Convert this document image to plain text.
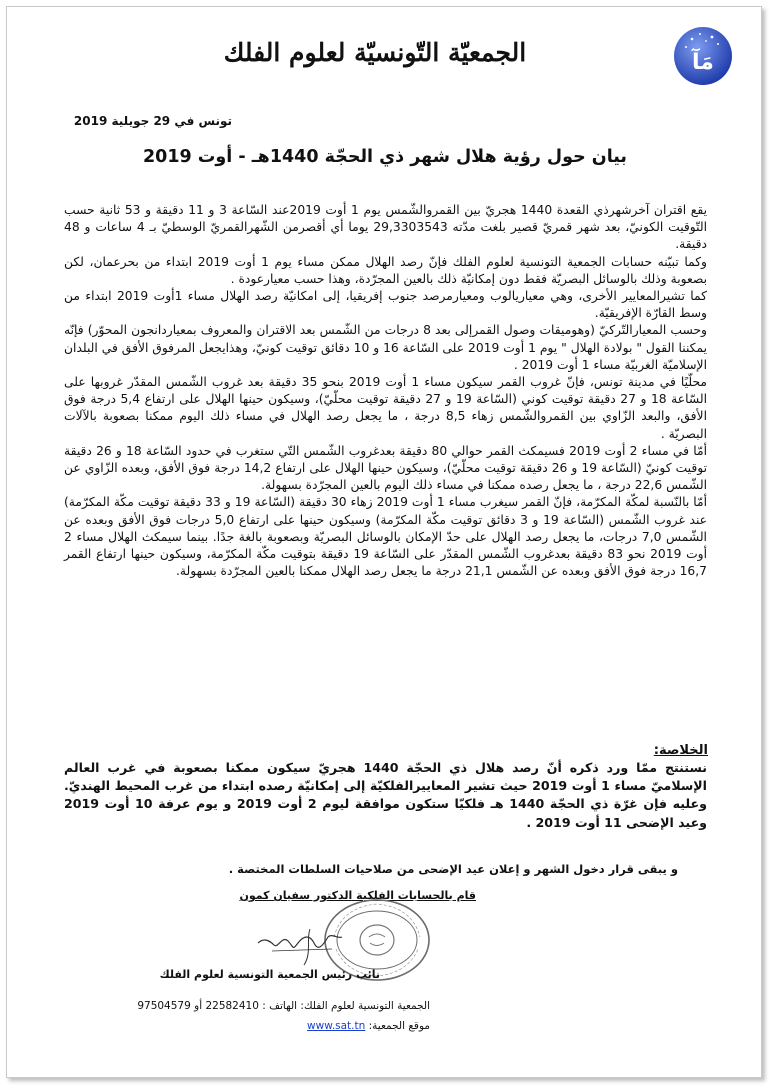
ﻣَﺂ
الجمعيّة التّونسيّة لعلوم الفلك
تونس في 29 جويلية 2019
بيان حول رؤية هلال شهر ذي الحجّة 1440هـ - أوت 2019

يقع اقتران آخرشهرذي القعدة 1440 هجريّ بين القمروالشّمس يوم 1 أوت 2019عند السّاعة 3 و 11 دقيقة و 53 ثانية حسب التّوقيت الكونيّ، بعد شهر قمريّ قصير بلغت مدّته 29,3303543 يوما أي أقصرمن الشّهرالقمريّ الوسطيّ بـ 4 ساعات و 48 دقيقة.

وكما تبيّنه حسابات الجمعية التونسية لعلوم الفلك فإنّ رصد الهلال ممكن مساء يوم 1 أوت 2019 ابتداء من بحرعمان، لكن بصعوبة وذلك بالوسائل البصريّة فقط دون إمكانيّة ذلك بالعين المجرّدة، وهذا حسب معيارعودة .

كما تشيرالمعايير الأخرى، وهي معياريالوب ومعيارمرصد جنوب إفريقيا، إلى امكانيّة رصد الهلال مساء 1أوت 2019 ابتداء من وسط القارّة الإفريقيّة.

وحسب المعيارالتّركيّ (وهوميقات وصول القمرإلى بعد 8 درجات من الشّمس بعد الاقتران والمعروف بمعياردانجون المحوّر) فإنّه يمكننا القول " بولادة الهلال " يوم 1 أوت 2019 على السّاعة 16 و 10 دقائق توقيت كونيّ، وهذايجعل المرفوق الأفق في البلدان الإسلاميّة الغربيّة مساء 1 أوت 2019 .

محلّيًا في مدينة تونس، فإنّ غروب القمر سيكون مساء 1 أوت 2019 بنحو 35 دقيقة بعد غروب الشّمس المقدّر غروبها على السّاعة 18 و 27 دقيقة توقيت كوني (السّاعة 19 و 27 دقيقة توقيت محلّيّ)، وسيكون حينها الهلال على ارتفاع 5,4 درجة فوق الأفق، والبعد الزّاوي بين القمروالشّمس زهاء 8,5 درجة ، ما يجعل رصد الهلال في مساء ذلك اليوم ممكنا بصعوبة بالآلات البصريّة .

أمّا في مساء 2 أوت 2019 فسيمكث القمر حوالي 80 دقيقة بعدغروب الشّمس التّي ستغرب في حدود السّاعة 18 و 26 دقيقة توقيت كونيّ (السّاعة 19 و 26 دقيقة توقيت محلّيّ)، وسيكون حينها الهلال على ارتفاع 14,2 درجة فوق الأفق، وبعده الزّاوي عن الشّمس 22,6 درجة ، ما يجعل رصده ممكنا في مساء ذلك اليوم بالعين المجرّدة بسهولة.

أمّا بالنّسبة لمكّة المكرّمة، فإنّ القمر سيغرب مساء 1 أوت 2019 زهاء 30 دقيقة (السّاعة 19 و 33 دقيقة توقيت مكّة المكرّمة) عند غروب الشّمس (السّاعة 19 و 3 دقائق توقيت مكّة المكرّمة) وسيكون حينها على ارتفاع 5,0 درجات فوق الأفق وبعده عن الشّمس 7,0 درجات، ما يجعل رصد الهلال على حدّ الإمكان بالوسائل البصريّة وبصعوبة بالغة جدًا. بينما سيمكث الهلال مساء 2 أوت 2019 نحو 83 دقيقة بعدغروب الشّمس المقدّر على السّاعة 19 دقيقة بتوقيت مكّة المكرّمة، وسيكون حينها ارتفاع القمر 16,7 درجة فوق الأفق وبعده عن الشّمس 21,1 درجة ما يجعل رصد الهلال ممكنا بالعين المجرّدة بسهولة.

الخلاصة:
نستنتج ممّا ورد ذكره أنّ رصد هلال ذي الحجّة 1440 هجريّ سيكون ممكنا بصعوبة في غرب العالم الإسلاميّ مساء 1 أوت 2019 حيث تشير المعاييرالفلكيّة إلى إمكانيّة رصده ابتداء من غرب المحيط الهنديّ. وعليه فإن غرّة ذي الحجّة 1440 هـ فلكيّا ستكون موافقة ليوم 2 أوت 2019 و يوم عرفة 10 أوت 2019 وعيد الإضحى 11 أوت 2019 .
و يبقى قرار دخول الشهر و إعلان عيد الإضحى من صلاحيات السلطات المختصة .
قام بالحسابات الفلكية الدكتور سفيان كمون
نائب رئيس الجمعية التونسية لعلوم الفلك
الجمعية التونسية لعلوم الفلك: الهاتف : 22582410 أو 97504579
موقع الجمعية: www.sat.tn
